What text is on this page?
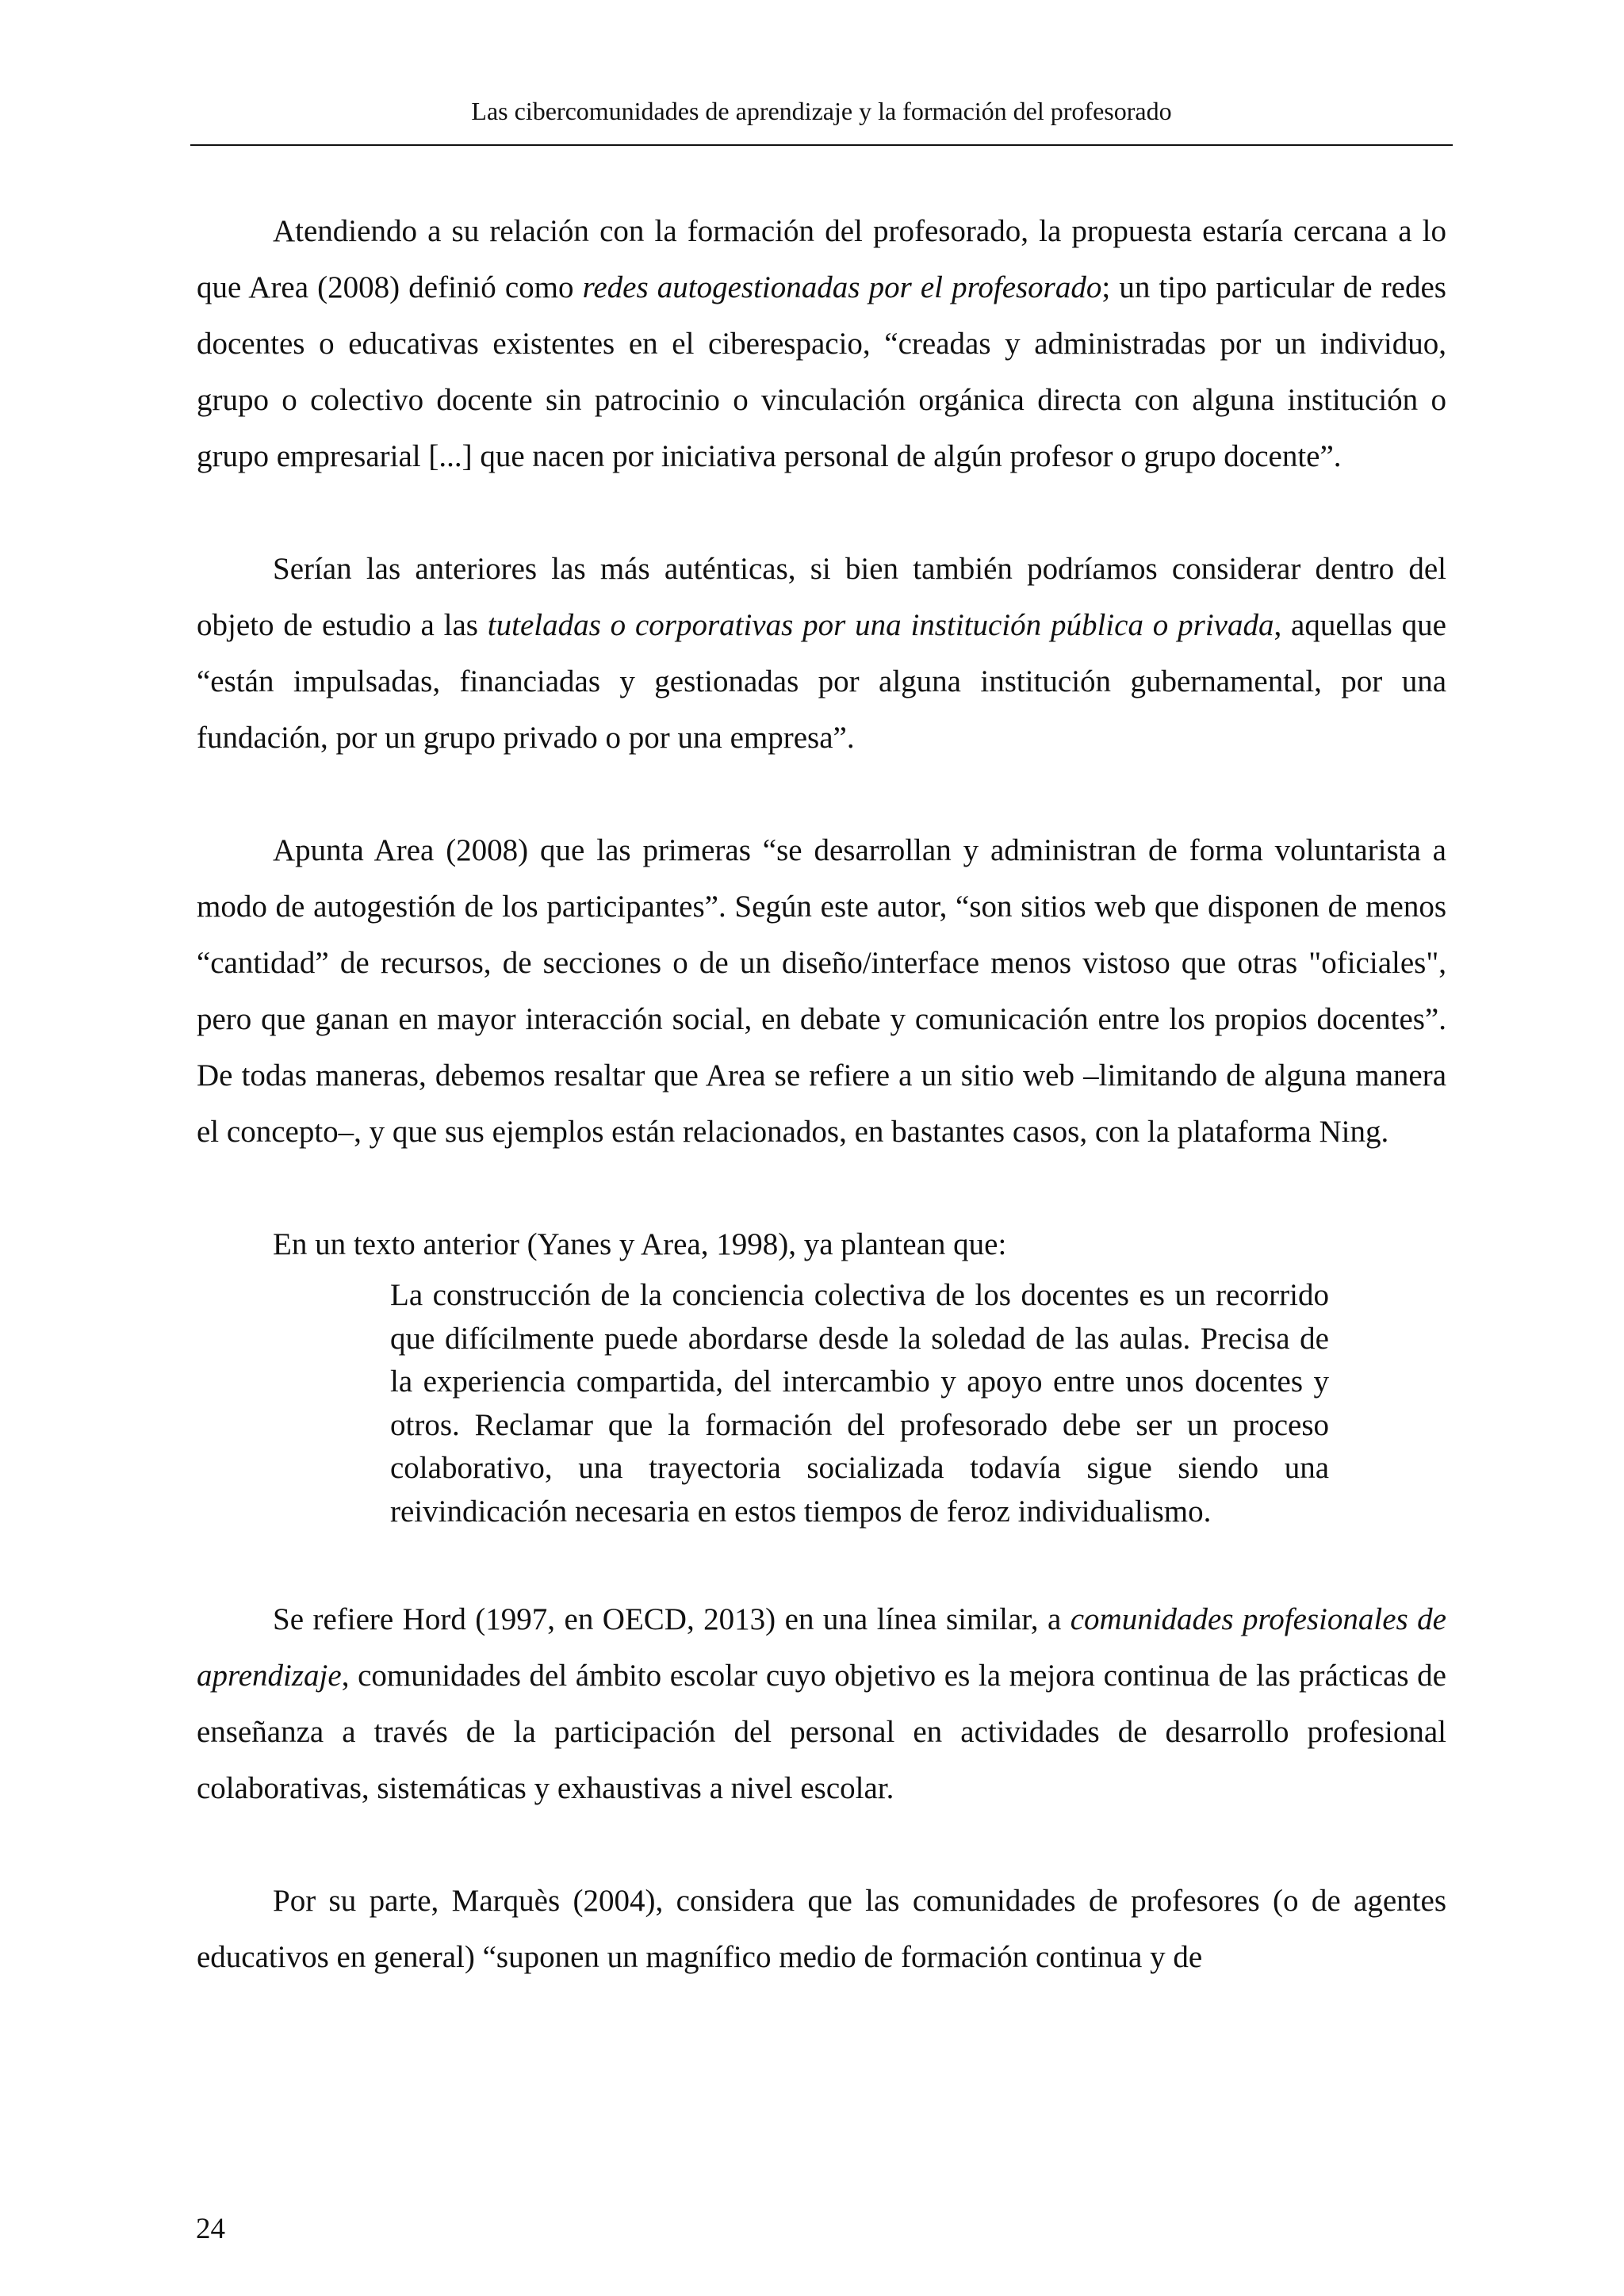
Las cibercomunidades de aprendizaje y la formación del profesorado

Atendiendo a su relación con la formación del profesorado, la propuesta estaría cercana a lo que Area (2008) definió como redes autogestionadas por el profesorado; un tipo particular de redes docentes o educativas existentes en el ciberespacio, “creadas y administradas por un individuo, grupo o colectivo docente sin patrocinio o vinculación orgánica directa con alguna institución o grupo empresarial [...] que nacen por iniciativa personal de algún profesor o grupo docente”.

Serían las anteriores las más auténticas, si bien también podríamos considerar dentro del objeto de estudio a las tuteladas o corporativas por una institución pública o privada, aquellas que “están impulsadas, financiadas y gestionadas por alguna institución gubernamental, por una fundación, por un grupo privado o por una empresa”.

Apunta Area (2008) que las primeras “se desarrollan y administran de forma voluntarista a modo de autogestión de los participantes”. Según este autor, “son sitios web que disponen de menos “cantidad” de recursos, de secciones o de un diseño/interface menos vistoso que otras "oficiales", pero que ganan en mayor interacción social, en debate y comunicación entre los propios docentes”. De todas maneras, debemos resaltar que Area se refiere a un sitio web –limitando de alguna manera el concepto–, y que sus ejemplos están relacionados, en bastantes casos, con la plataforma Ning.

En un texto anterior (Yanes y Area, 1998), ya plantean que:

La construcción de la conciencia colectiva de los docentes es un recorrido que difícilmente puede abordarse desde la soledad de las aulas. Precisa de la experiencia compartida, del intercambio y apoyo entre unos docentes y otros. Reclamar que la formación del profesorado debe ser un proceso colaborativo, una trayectoria socializada todavía sigue siendo una reivindicación necesaria en estos tiempos de feroz individualismo.

Se refiere Hord (1997, en OECD, 2013) en una línea similar, a comunidades profesionales de aprendizaje, comunidades del ámbito escolar cuyo objetivo es la mejora continua de las prácticas de enseñanza a través de la participación del personal en actividades de desarrollo profesional colaborativas, sistemáticas y exhaustivas a nivel escolar.

Por su parte, Marquès (2004), considera que las comunidades de profesores (o de agentes educativos en general) “suponen un magnífico medio de formación continua y de

24
